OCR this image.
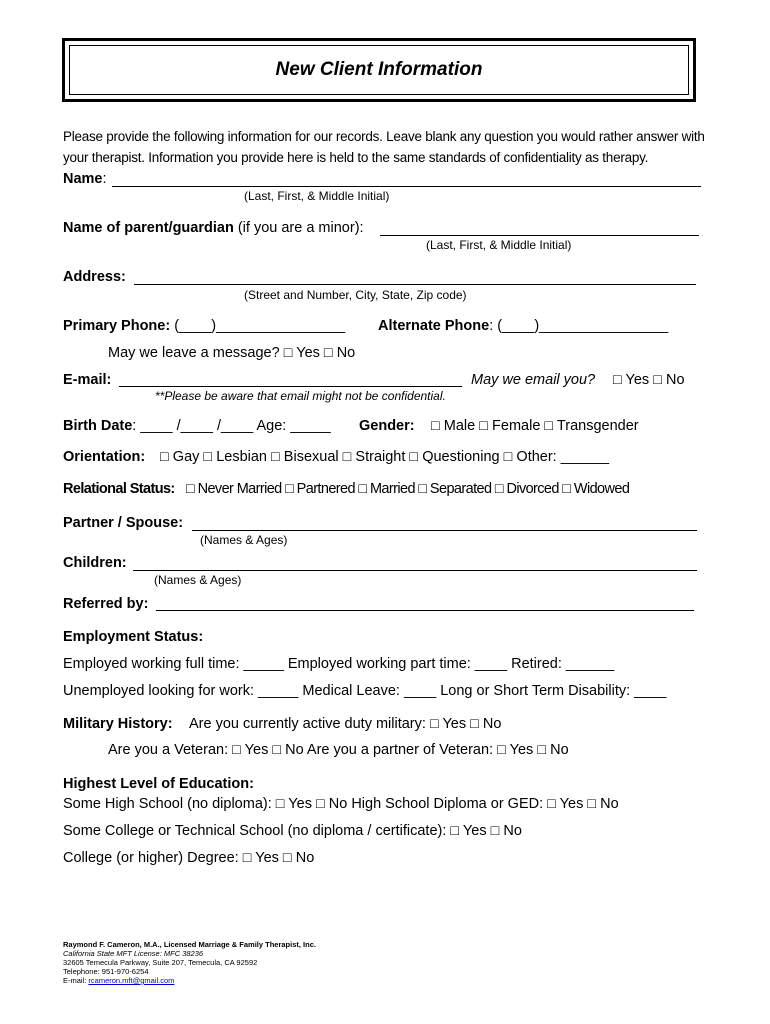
New Client Information
Please provide the following information for our records. Leave blank any question you would rather answer with your therapist. Information you provide here is held to the same standards of confidentiality as therapy.
Name:
(Last, First, & Middle Initial)
Name of parent/guardian (if you are a minor):
(Last, First, & Middle Initial)
Address:
(Street and Number, City, State, Zip code)
Primary Phone: (____)________________ Alternate Phone: (____)________________
May we leave a message? □ Yes □ No
E-mail:	May we email you? □ Yes □ No
**Please be aware that email might not be confidential.
Birth Date: ____ /____ /____ Age: _____ Gender: □ Male □ Female □ Transgender
Orientation: □ Gay □ Lesbian □ Bisexual □ Straight □ Questioning □ Other: ______
Relational Status: □ Never Married □ Partnered □ Married □ Separated □ Divorced □ Widowed
Partner / Spouse:
(Names & Ages)
Children:
(Names & Ages)
Referred by:
Employment Status:
Employed working full time: _____ Employed working part time: ____ Retired: ______
Unemployed looking for work: _____ Medical Leave: ____ Long or Short Term Disability: ____
Military History: Are you currently active duty military: □ Yes □ No
Are you a Veteran: □ Yes □ No Are you a partner of Veteran: □ Yes □ No
Highest Level of Education:
Some High School (no diploma): □ Yes □ No High School Diploma or GED: □ Yes □ No
Some College or Technical School (no diploma / certificate): □ Yes □ No
College (or higher) Degree: □ Yes □ No
Raymond F. Cameron, M.A., Licensed Marriage & Family Therapist, Inc.
California State MFT License: MFC 38236
32605 Temecula Parkway, Suite 207, Temecula, CA 92592
Telephone: 951-970-6254
E-mail: rcameron.mft@gmail.com
